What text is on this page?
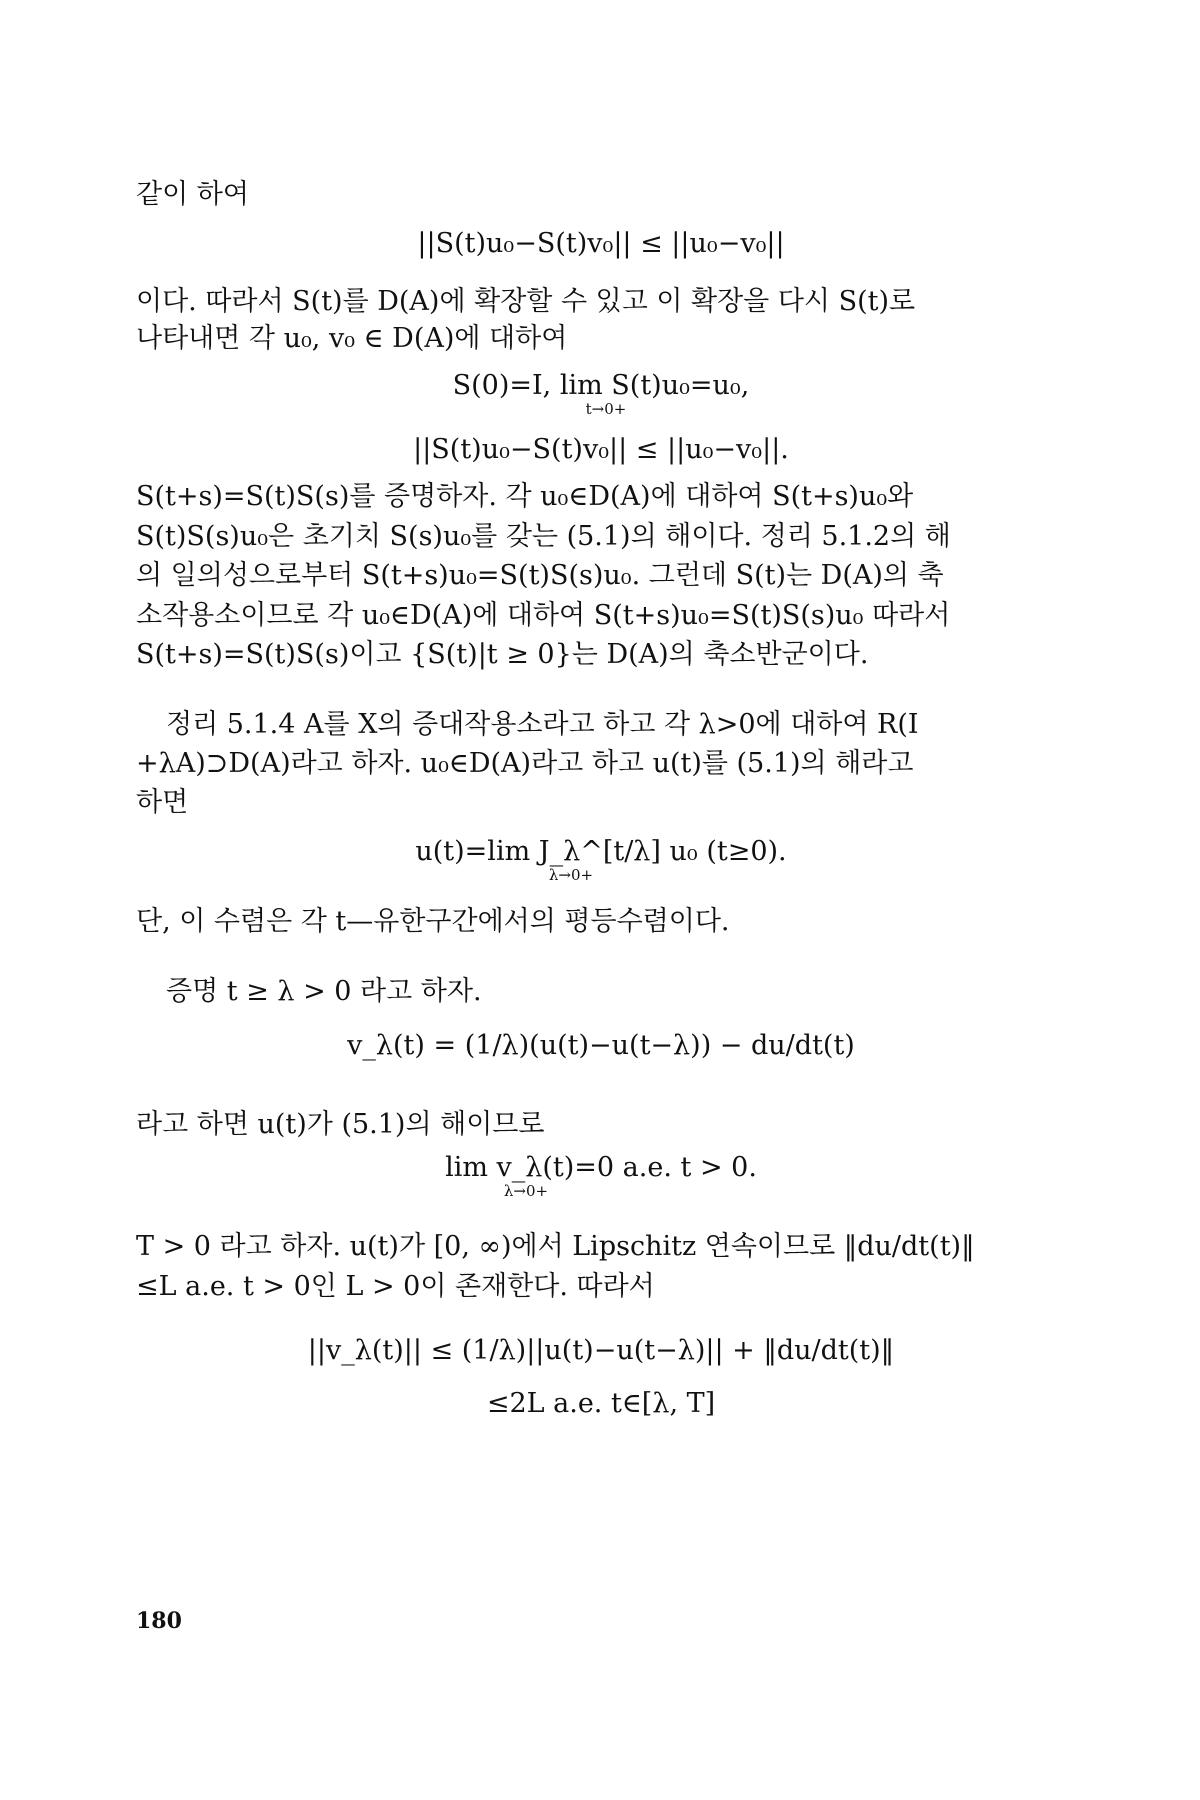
같이 하여
||S(t)u₀−S(t)v₀|| ≤ ||u₀−v₀||
이다. 따라서 S(t)를 D(A)에 확장할 수 있고 이 확장을 다시 S(t)로
나타내면 각 u₀, v₀ ∈ D(A)에 대하여
S(0)=I, lim S(t)u₀=u₀,
t→0+
||S(t)u₀−S(t)v₀|| ≤ ||u₀−v₀||.
S(t+s)=S(t)S(s)를 증명하자. 각 u₀∈D(A)에 대하여 S(t+s)u₀와
S(t)S(s)u₀은 초기치 S(s)u₀를 갖는 (5.1)의 해이다. 정리 5.1.2의 해
의 일의성으로부터 S(t+s)u₀=S(t)S(s)u₀. 그런데 S(t)는 D(A)의 축
소작용소이므로 각 u₀∈D(A)에 대하여 S(t+s)u₀=S(t)S(s)u₀ 따라서
S(t+s)=S(t)S(s)이고 {S(t)|t ≥ 0}는 D(A)의 축소반군이다.
정리 5.1.4 A를 X의 증대작용소라고 하고 각 λ>0에 대하여 R(I
+λA)⊃D(A)라고 하자. u₀∈D(A)라고 하고 u(t)를 (5.1)의 해라고
하면
u(t)=lim J_λ^[t/λ] u₀ (t≥0).
λ→0+
단, 이 수렴은 각 t—유한구간에서의 평등수렴이다.
증명 t ≥ λ > 0 라고 하자.
v_λ(t) = (1/λ)(u(t)−u(t−λ)) − du/dt(t)
라고 하면 u(t)가 (5.1)의 해이므로
lim v_λ(t)=0 a.e. t > 0.
λ→0+
T > 0 라고 하자. u(t)가 [0, ∞)에서 Lipschitz 연속이므로 ‖du/dt(t)‖
≤L a.e. t > 0인 L > 0이 존재한다. 따라서
||v_λ(t)|| ≤ (1/λ)||u(t)−u(t−λ)|| + ‖du/dt(t)‖
≤2L a.e. t∈[λ, T]
180
